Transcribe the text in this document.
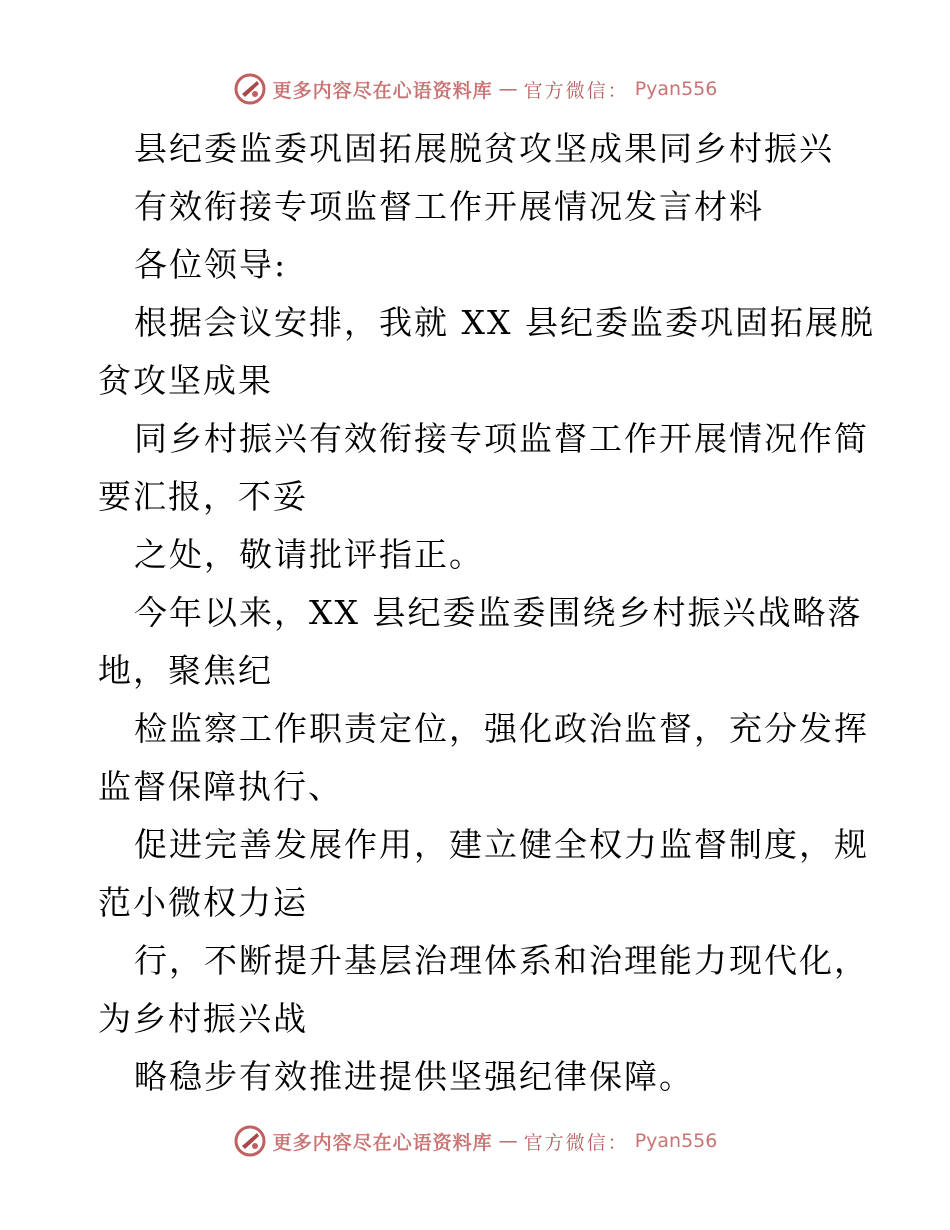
更多内容尽在心语资料库 — 官方微信： Pyan556
县纪委监委巩固拓展脱贫攻坚成果同乡村振兴
有效衔接专项监督工作开展情况发言材料
各位领导:
根据会议安排，我就 XX 县纪委监委巩固拓展脱
贫攻坚成果
同乡村振兴有效衔接专项监督工作开展情况作简
要汇报，不妥
之处，敬请批评指正。
今年以来，XX 县纪委监委围绕乡村振兴战略落
地，聚焦纪
检监察工作职责定位，强化政治监督，充分发挥
监督保障执行、
促进完善发展作用，建立健全权力监督制度，规
范小微权力运
行，不断提升基层治理体系和治理能力现代化，
为乡村振兴战
略稳步有效推进提供坚强纪律保障。
更多内容尽在心语资料库 — 官方微信： Pyan556
